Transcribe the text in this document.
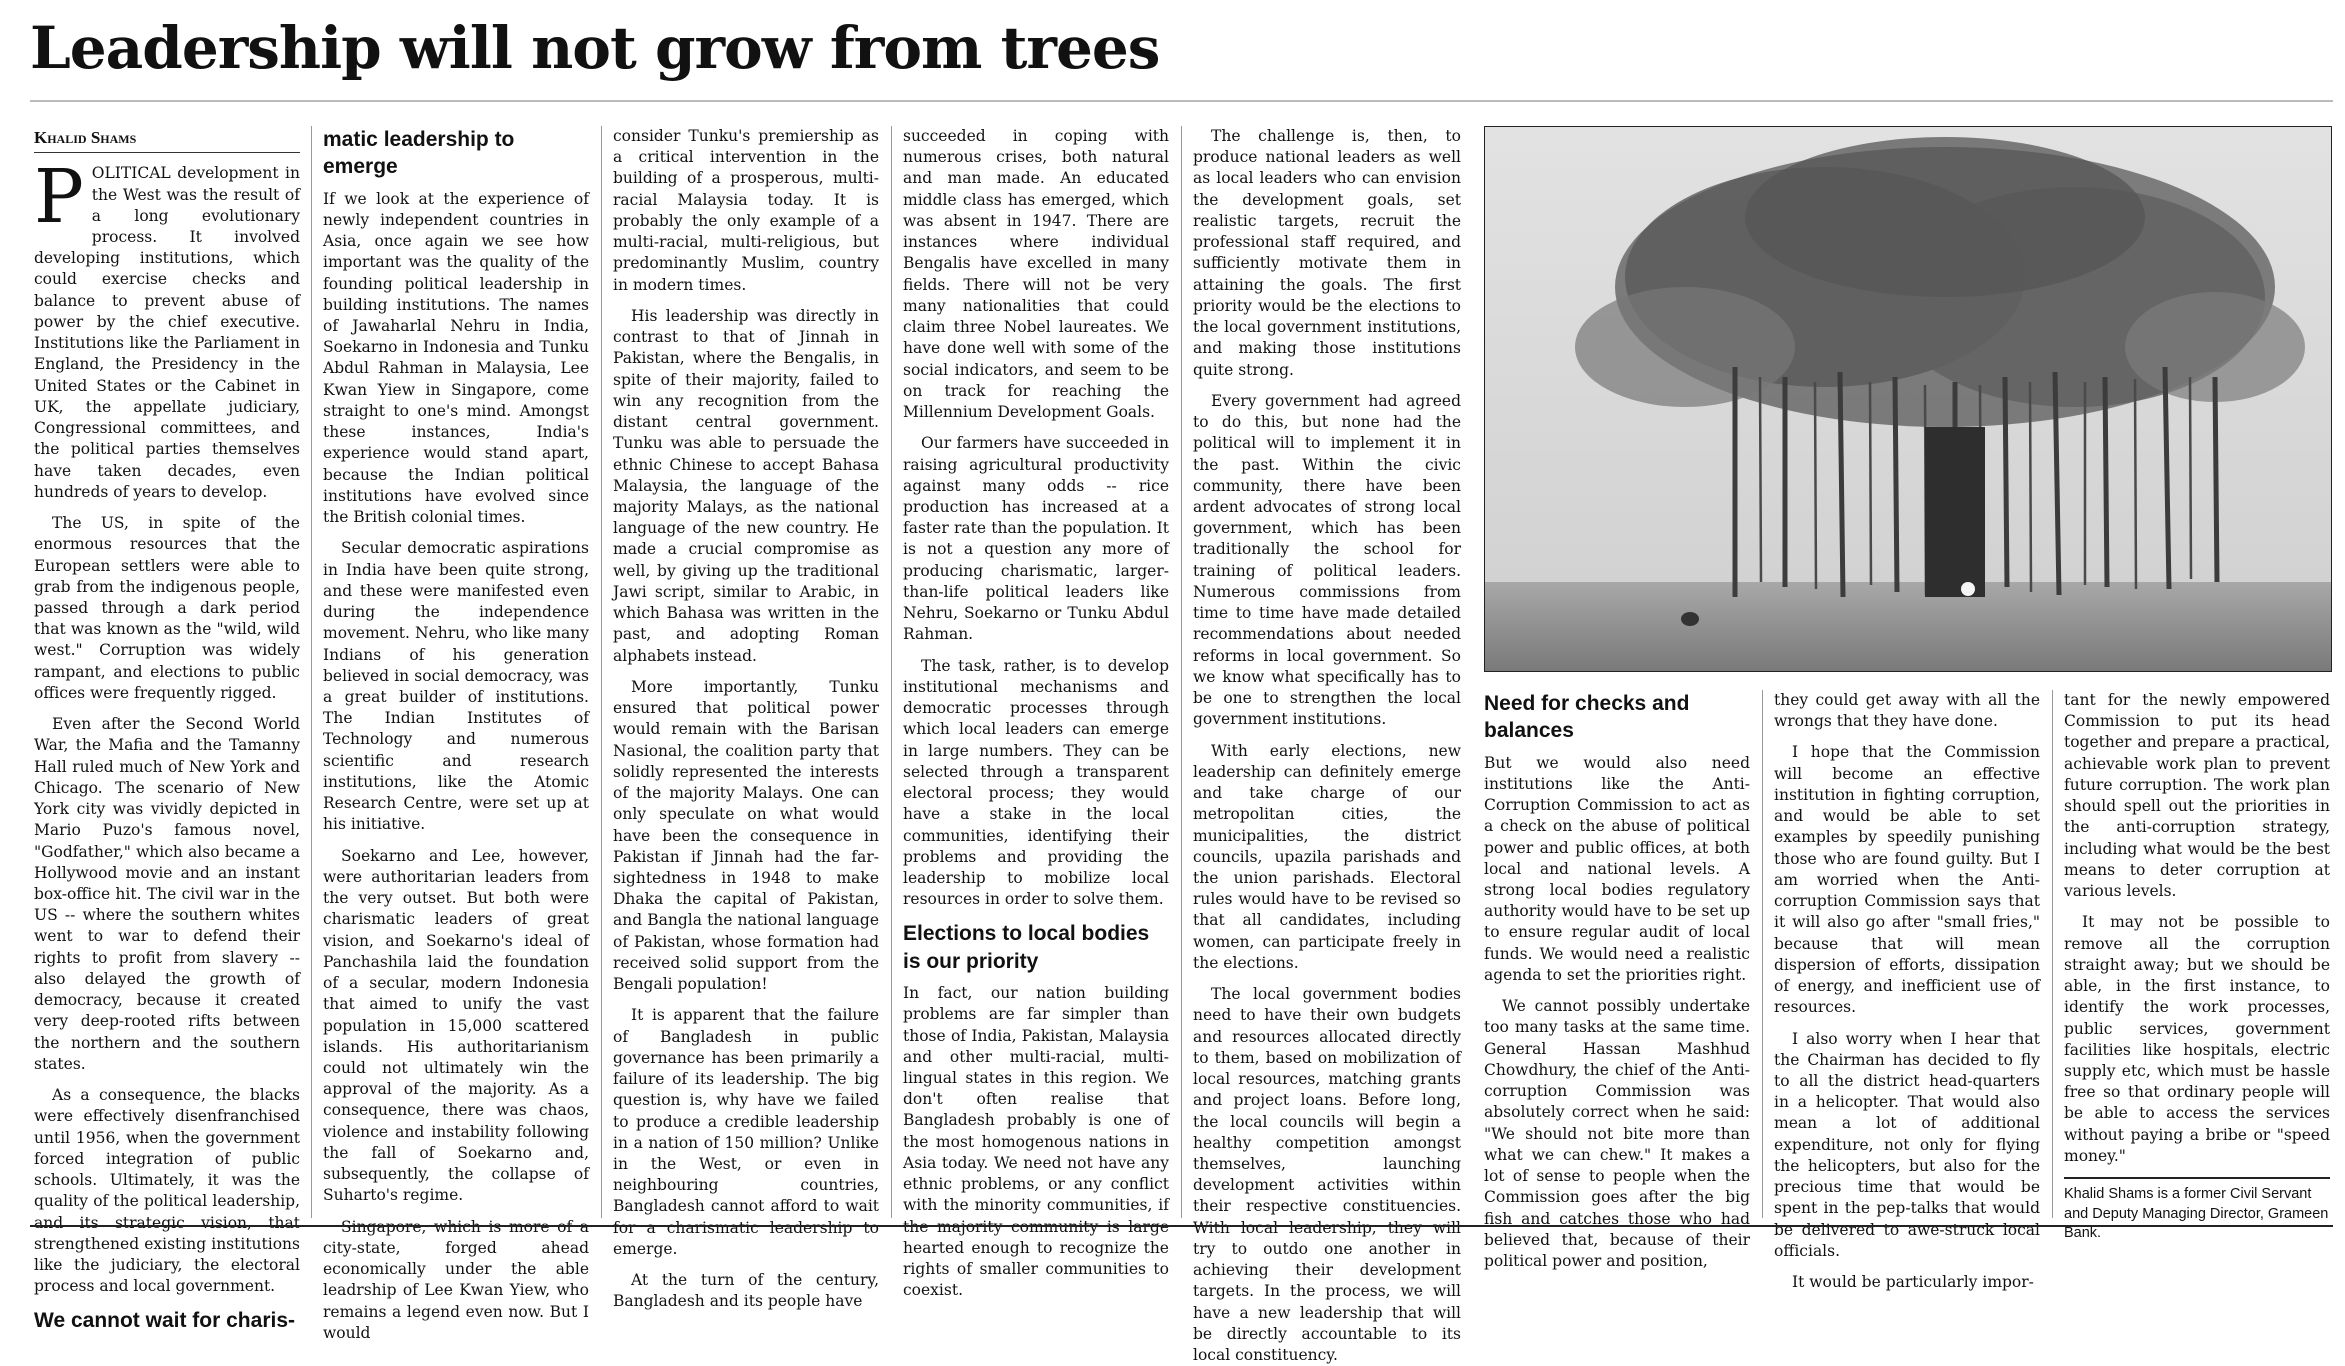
Leadership will not grow from trees
Khalid Shams

POLITICAL development in the West was the result of a long evolutionary process. It involved developing institutions, which could exercise checks and balance to prevent abuse of power by the chief executive. Institutions like the Parliament in England, the Presidency in the United States or the Cabinet in UK, the appellate judiciary, Congressional committees, and the political parties themselves have taken decades, even hundreds of years to develop.

The US, in spite of the enormous resources that the European settlers were able to grab from the indigenous people, passed through a dark period that was known as the "wild, wild west." Corruption was widely rampant, and elections to public offices were frequently rigged.

Even after the Second World War, the Mafia and the Tamanny Hall ruled much of New York and Chicago. The scenario of New York city was vividly depicted in Mario Puzo's famous novel, "Godfather," which also became a Hollywood movie and an instant box-office hit. The civil war in the US -- where the southern whites went to war to defend their rights to profit from slavery -- also delayed the growth of democracy, because it created very deep-rooted rifts between the northern and the southern states.

As a consequence, the blacks were effectively disenfranchised until 1956, when the government forced integration of public schools. Ultimately, it was the quality of the political leadership, and its strategic vision, that strengthened existing institutions like the judiciary, the electoral process and local government.

We cannot wait for charis-
matic leadership to emerge

If we look at the experience of newly independent countries in Asia, once again we see how important was the quality of the founding political leadership in building institutions. The names of Jawaharlal Nehru in India, Soekarno in Indonesia and Tunku Abdul Rahman in Malaysia, Lee Kwan Yiew in Singapore, come straight to one's mind. Amongst these instances, India's experience would stand apart, because the Indian political institutions have evolved since the British colonial times.

Secular democratic aspirations in India have been quite strong, and these were manifested even during the independence movement. Nehru, who like many Indians of his generation believed in social democracy, was a great builder of institutions. The Indian Institutes of Technology and numerous scientific and research institutions, like the Atomic Research Centre, were set up at his initiative.

Soekarno and Lee, however, were authoritarian leaders from the very outset. But both were charismatic leaders of great vision, and Soekarno's ideal of Panchashila laid the foundation of a secular, modern Indonesia that aimed to unify the vast population in 15,000 scattered islands. His authoritarianism could not ultimately win the approval of the majority. As a consequence, there was chaos, violence and instability following the fall of Soekarno and, subsequently, the collapse of Suharto's regime.

Singapore, which is more of a city-state, forged ahead economically under the able leadrship of Lee Kwan Yiew, who remains a legend even now. But I would

consider Tunku's premiership as a critical intervention in the building of a prosperous, multi-racial Malaysia today. It is probably the only example of a multi-racial, multi-religious, but predominantly Muslim, country in modern times.

His leadership was directly in contrast to that of Jinnah in Pakistan, where the Bengalis, in spite of their majority, failed to win any recognition from the distant central government. Tunku was able to persuade the ethnic Chinese to accept Bahasa Malaysia, the language of the majority Malays, as the national language of the new country. He made a crucial compromise as well, by giving up the traditional Jawi script, similar to Arabic, in which Bahasa was written in the past, and adopting Roman alphabets instead.

More importantly, Tunku ensured that political power would remain with the Barisan Nasional, the coalition party that solidly represented the interests of the majority Malays. One can only speculate on what would have been the consequence in Pakistan if Jinnah had the far-sightedness in 1948 to make Dhaka the capital of Pakistan, and Bangla the national language of Pakistan, whose formation had received solid support from the Bengali population!

It is apparent that the failure of Bangladesh in public governance has been primarily a failure of its leadership. The big question is, why have we failed to produce a credible leadership in a nation of 150 million? Unlike in the West, or even in neighbouring countries, Bangladesh cannot afford to wait for a charismatic leadership to emerge.

At the turn of the century, Bangladesh and its people have

succeeded in coping with numerous crises, both natural and man made. An educated middle class has emerged, which was absent in 1947. There are instances where individual Bengalis have excelled in many fields. There will not be very many nationalities that could claim three Nobel laureates. We have done well with some of the social indicators, and seem to be on track for reaching the Millennium Development Goals.

Our farmers have succeeded in raising agricultural productivity against many odds -- rice production has increased at a faster rate than the population. It is not a question any more of producing charismatic, larger-than-life political leaders like Nehru, Soekarno or Tunku Abdul Rahman.

The task, rather, is to develop institutional mechanisms and democratic processes through which local leaders can emerge in large numbers. They can be selected through a transparent electoral process; they would have a stake in the local communities, identifying their problems and providing the leadership to mobilize local resources in order to solve them.

Elections to local bodies is our priority

In fact, our nation building problems are far simpler than those of India, Pakistan, Malaysia and other multi-racial, multi-lingual states in this region. We don't often realise that Bangladesh probably is one of the most homogenous nations in Asia today. We need not have any ethnic problems, or any conflict with the minority communities, if the majority community is large hearted enough to recognize the rights of smaller communities to coexist.

The challenge is, then, to produce national leaders as well as local leaders who can envision the development goals, set realistic targets, recruit the professional staff required, and sufficiently motivate them in attaining the goals. The first priority would be the elections to the local government institutions, and making those institutions quite strong.

Every government had agreed to do this, but none had the political will to implement it in the past. Within the civic community, there have been ardent advocates of strong local government, which has been traditionally the school for training of political leaders. Numerous commissions from time to time have made detailed recommendations about needed reforms in local government. So we know what specifically has to be one to strengthen the local government institutions.

With early elections, new leadership can definitely emerge and take charge of our metropolitan cities, the municipalities, the district councils, upazila parishads and the union parishads. Electoral rules would have to be revised so that all candidates, including women, can participate freely in the elections.

The local government bodies need to have their own budgets and resources allocated directly to them, based on mobilization of local resources, matching grants and project loans. Before long, the local councils will begin a healthy competition amongst themselves, launching development activities within their respective constituencies. With local leadership, they will try to outdo one another in achieving their development targets. In the process, we will have a new leadership that will be directly accountable to its local constituency.

Need for checks and balances

But we would also need institutions like the Anti-Corruption Commission to act as a check on the abuse of political power and public offices, at both local and national levels. A strong local bodies regulatory authority would have to be set up to ensure regular audit of local funds. We would need a realistic agenda to set the priorities right.

We cannot possibly undertake too many tasks at the same time. General Hassan Mashhud Chowdhury, the chief of the Anti-corruption Commission was absolutely correct when he said: "We should not bite more than what we can chew." It makes a lot of sense to people when the Commission goes after the big fish and catches those who had believed that, because of their political power and position,

they could get away with all the wrongs that they have done.

I hope that the Commission will become an effective institution in fighting corruption, and would be able to set examples by speedily punishing those who are found guilty. But I am worried when the Anti-corruption Commission says that it will also go after "small fries," because that will mean dispersion of efforts, dissipation of energy, and inefficient use of resources.

I also worry when I hear that the Chairman has decided to fly to all the district head-quarters in a helicopter. That would also mean a lot of additional expenditure, not only for flying the helicopters, but also for the precious time that would be spent in the pep-talks that would be delivered to awe-struck local officials.

It would be particularly impor-

tant for the newly empowered Commission to put its head together and prepare a practical, achievable work plan to prevent future corruption. The work plan should spell out the priorities in the anti-corruption strategy, including what would be the best means to deter corruption at various levels.

It may not be possible to remove all the corruption straight away; but we should be able, in the first instance, to identify the work processes, public services, government facilities like hospitals, electric supply etc, which must be hassle free so that ordinary people will be able to access the services without paying a bribe or "speed money."

Khalid Shams is a former Civil Servant and Deputy Managing Director, Grameen Bank.
